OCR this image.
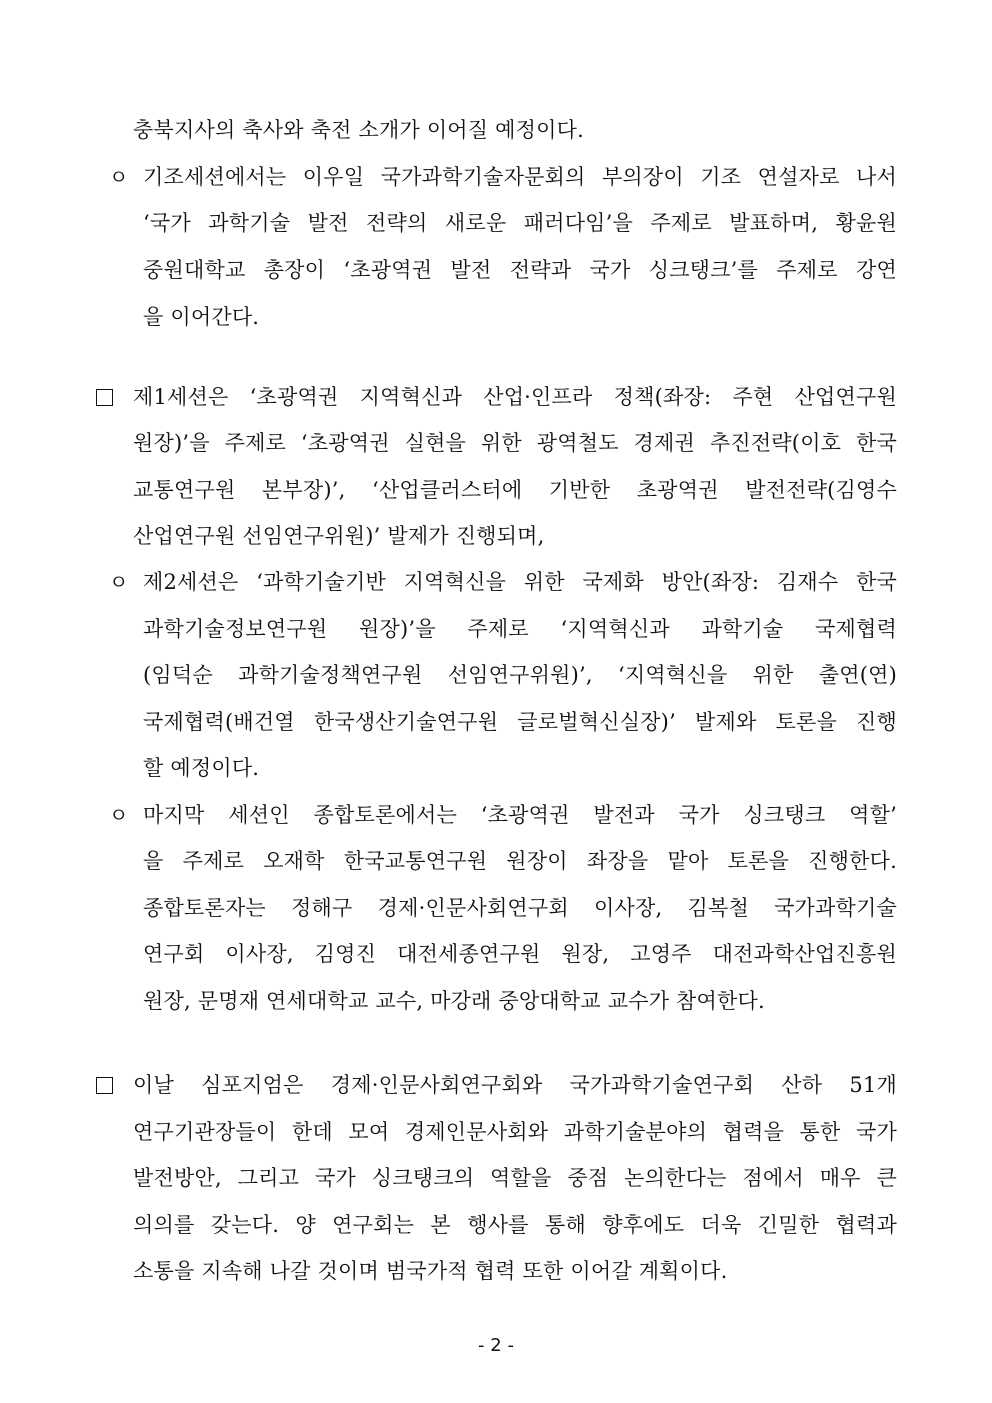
충북지사의 축사와 축전 소개가 이어질 예정이다.
ㅇ 기조세션에서는 이우일 국가과학기술자문회의 부의장이 기조 연설자로 나서
‘국가 과학기술 발전 전략의 새로운 패러다임’을 주제로 발표하며, 황윤원
중원대학교 총장이 ‘초광역권 발전 전략과 국가 싱크탱크’를 주제로 강연
을 이어간다.
제1세션은 ‘초광역권 지역혁신과 산업·인프라 정책(좌장: 주현 산업연구원
원장)’을 주제로 ‘초광역권 실현을 위한 광역철도 경제권 추진전략(이호 한국
교통연구원 본부장)’, ‘산업클러스터에 기반한 초광역권 발전전략(김영수
산업연구원 선임연구위원)’ 발제가 진행되며,
ㅇ 제2세션은 ‘과학기술기반 지역혁신을 위한 국제화 방안(좌장: 김재수 한국
과학기술정보연구원 원장)’을 주제로 ‘지역혁신과 과학기술 국제협력
(임덕순 과학기술정책연구원 선임연구위원)’, ‘지역혁신을 위한 출연(연)
국제협력(배건열 한국생산기술연구원 글로벌혁신실장)’ 발제와 토론을 진행
할 예정이다.
ㅇ 마지막 세션인 종합토론에서는 ‘초광역권 발전과 국가 싱크탱크 역할’
을 주제로 오재학 한국교통연구원 원장이 좌장을 맡아 토론을 진행한다.
종합토론자는 정해구 경제·인문사회연구회 이사장, 김복철 국가과학기술
연구회 이사장, 김영진 대전세종연구원 원장, 고영주 대전과학산업진흥원
원장, 문명재 연세대학교 교수, 마강래 중앙대학교 교수가 참여한다.
이날 심포지엄은 경제·인문사회연구회와 국가과학기술연구회 산하 51개
연구기관장들이 한데 모여 경제인문사회와 과학기술분야의 협력을 통한 국가
발전방안, 그리고 국가 싱크탱크의 역할을 중점 논의한다는 점에서 매우 큰
의의를 갖는다. 양 연구회는 본 행사를 통해 향후에도 더욱 긴밀한 협력과
소통을 지속해 나갈 것이며 범국가적 협력 또한 이어갈 계획이다.
- 2 -
